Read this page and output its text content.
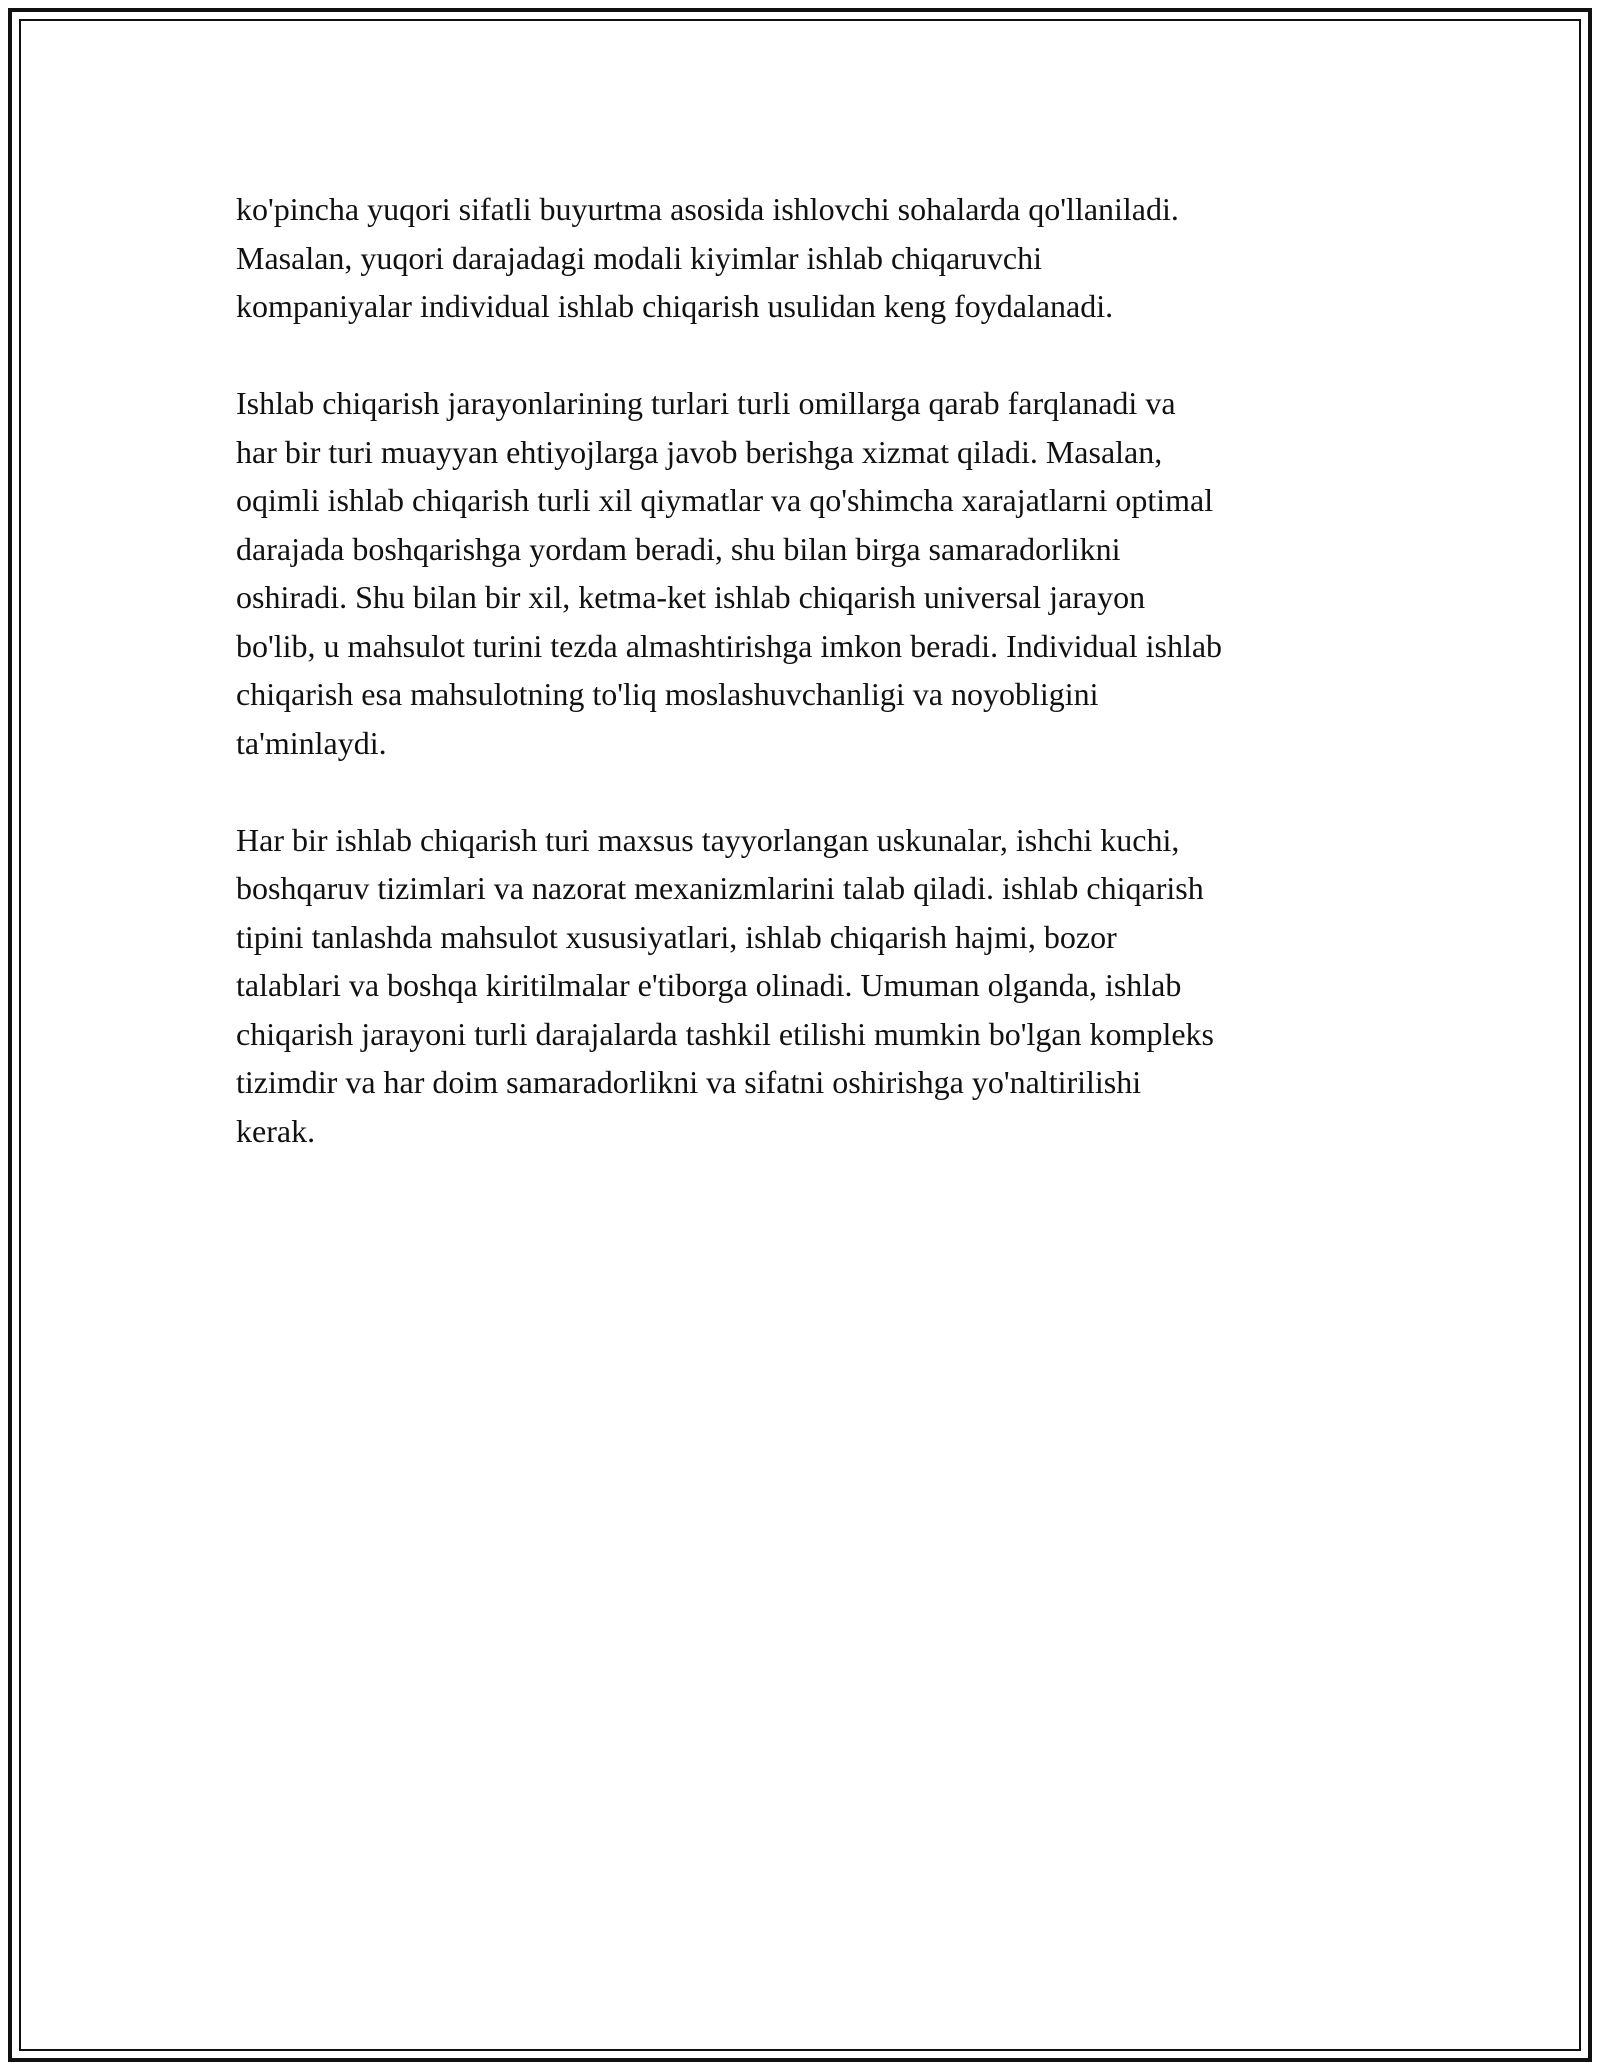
ko'pincha yuqori sifatli buyurtma asosida ishlovchi sohalarda qo'llaniladi.
Masalan, yuqori darajadagi modali kiyimlar ishlab chiqaruvchi
kompaniyalar individual ishlab chiqarish usulidan keng foydalanadi.

Ishlab chiqarish jarayonlarining turlari turli omillarga qarab farqlanadi va
har bir turi muayyan ehtiyojlarga javob berishga xizmat qiladi. Masalan,
oqimli ishlab chiqarish turli xil qiymatlar va qo'shimcha xarajatlarni optimal
darajada boshqarishga yordam beradi, shu bilan birga samaradorlikni
oshiradi. Shu bilan bir xil, ketma-ket ishlab chiqarish universal jarayon
bo'lib, u mahsulot turini tezda almashtirishga imkon beradi. Individual ishlab
chiqarish esa mahsulotning to'liq moslashuvchanligi va noyobligini
ta'minlaydi.

Har bir ishlab chiqarish turi maxsus tayyorlangan uskunalar, ishchi kuchi,
boshqaruv tizimlari va nazorat mexanizmlarini talab qiladi. ishlab chiqarish
tipini tanlashda mahsulot xususiyatlari, ishlab chiqarish hajmi, bozor
talablari va boshqa kiritilmalar e'tiborga olinadi. Umuman olganda, ishlab
chiqarish jarayoni turli darajalarda tashkil etilishi mumkin bo'lgan kompleks
tizimdir va har doim samaradorlikni va sifatni oshirishga yo'naltirilishi
kerak.
